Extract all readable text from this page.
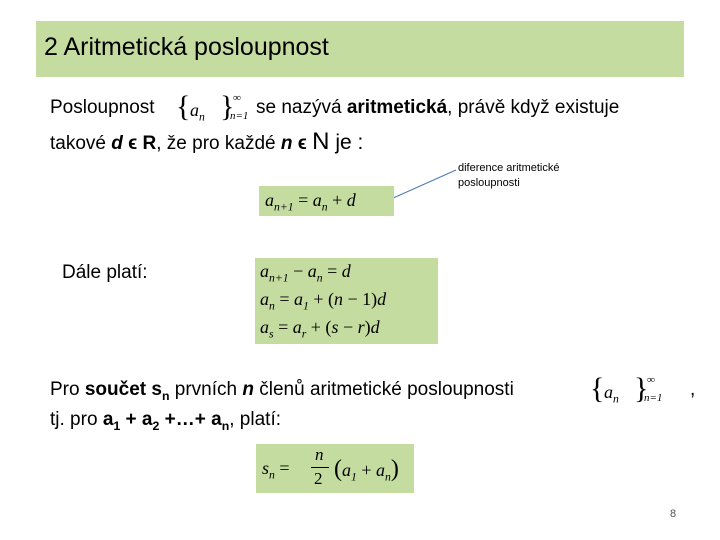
2 Aritmetická posloupnost
Posloupnost { $a_n$ }
∞
n=1 se nazývá aritmetická, právě když existuje
takové d ϵ R, že pro každé n ϵ N je :
diference aritmetické
posloupnosti
$a_{n+1} = a_n + d$
Dále platí:	$a_{n+1} - a_n = d$
$a_n = a_1 + (n - 1)d$
$a_s = a_r + (s - r)d$
Pro součet $s_n$ prvních n členů aritmetické posloupnosti	{ $a_n$ }
∞
n=1 ,
tj. pro $a_1 + a_2$ +…+ $a_n$, platí:
$s_n$ =
n
2 $(a_1 + a_n)$
8
